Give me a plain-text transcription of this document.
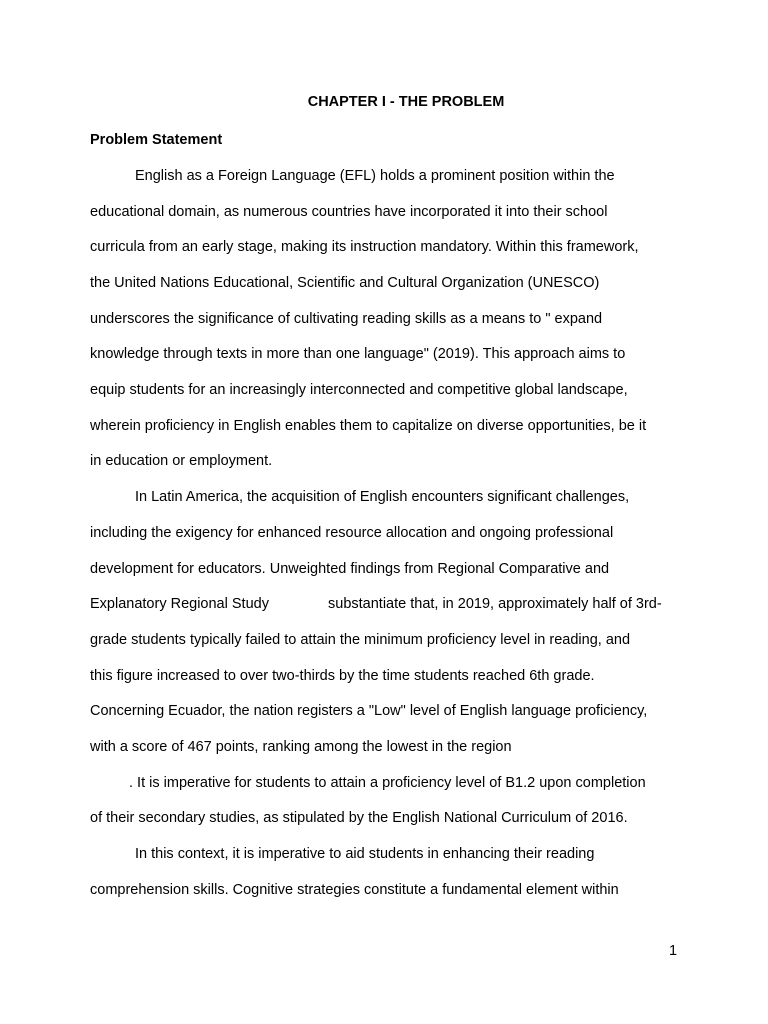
CHAPTER I - THE PROBLEM
Problem Statement

English as a Foreign Language (EFL) holds a prominent position within the

educational domain, as numerous countries have incorporated it into their school

curricula from an early stage, making its instruction mandatory. Within this framework,

the United Nations Educational, Scientific and Cultural Organization (UNESCO)

underscores the significance of cultivating reading skills as a means to " expand

knowledge through texts in more than one language" (2019). This approach aims to

equip students for an increasingly interconnected and competitive global landscape,

wherein proficiency in English enables them to capitalize on diverse opportunities, be it

in education or employment.

In Latin America, the acquisition of English encounters significant challenges,

including the exigency for enhanced resource allocation and ongoing professional

development for educators. Unweighted findings from Regional Comparative and

Explanatory Regional Study	substantiate that, in 2019, approximately half of 3rd-

grade students typically failed to attain the minimum proficiency level in reading, and

this figure increased to over two-thirds by the time students reached 6th grade.

Concerning Ecuador, the nation registers a "Low" level of English language proficiency,

with a score of 467 points, ranking among the lowest in the region

. It is imperative for students to attain a proficiency level of B1.2 upon completion

of their secondary studies, as stipulated by the English National Curriculum of 2016.

In this context, it is imperative to aid students in enhancing their reading

comprehension skills. Cognitive strategies constitute a fundamental element within

1
